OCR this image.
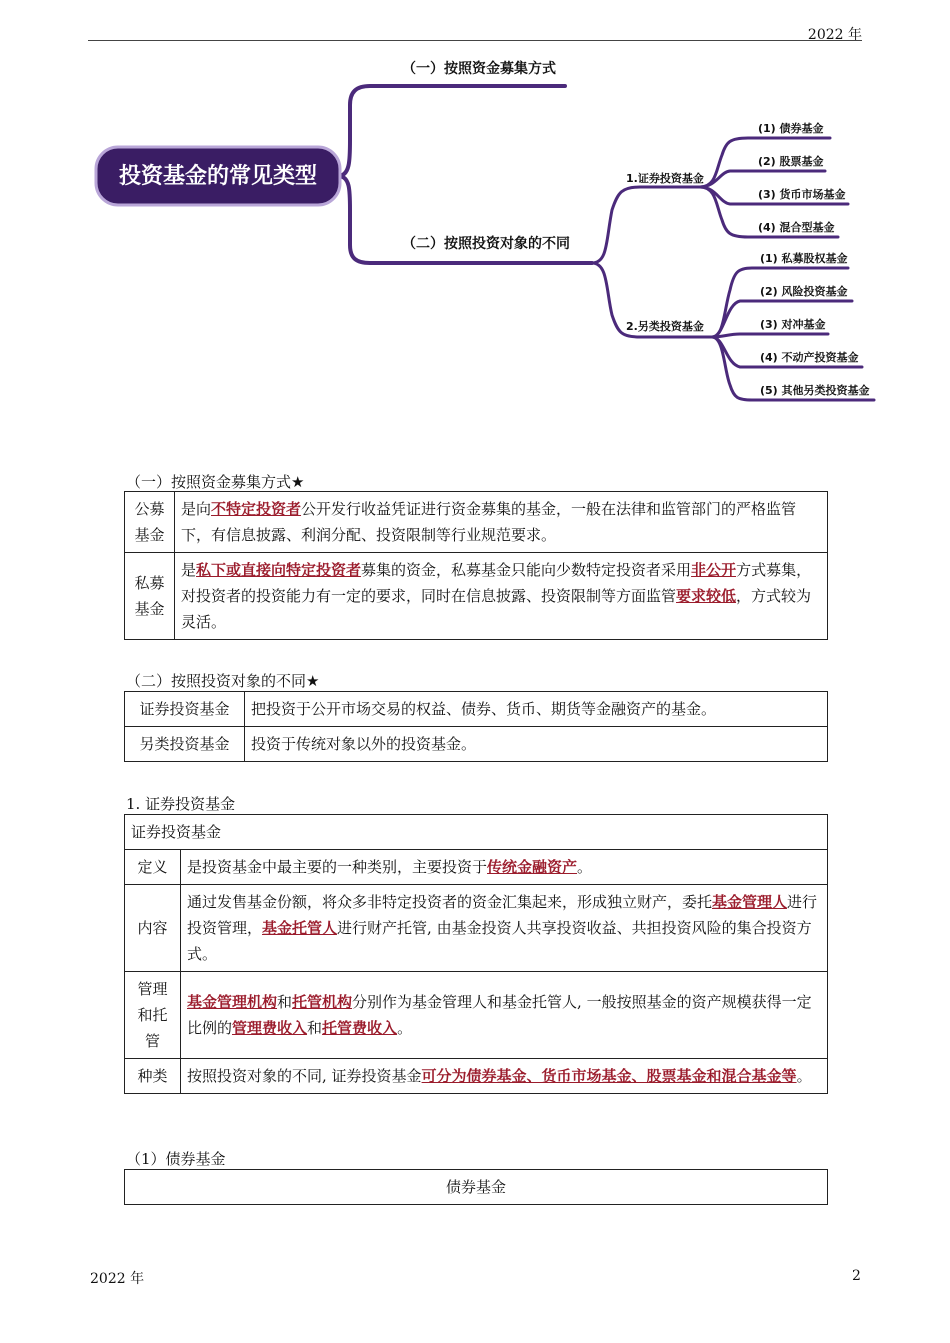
2022 年
投资基金的常见类型
（一）按照资金募集方式
（二）按照投资对象的不同
1.证券投资基金
2.另类投资基金
(1) 债券基金
(2) 股票基金
(3) 货币市场基金
(4) 混合型基金
(1) 私募股权基金
(2) 风险投资基金
(3) 对冲基金
(4) 不动产投资基金
(5) 其他另类投资基金
（一）按照资金募集方式★
公募基金	是向不特定投资者公开发行收益凭证进行资金募集的基金，一般在法律和监管部门的严格监管下，有信息披露、利润分配、投资限制等行业规范要求。
私募基金	是私下或直接向特定投资者募集的资金，私募基金只能向少数特定投资者采用非公开方式募集，对投资者的投资能力有一定的要求，同时在信息披露、投资限制等方面监管要求较低，方式较为灵活。
（二）按照投资对象的不同★
证券投资基金	把投资于公开市场交易的权益、债券、货币、期货等金融资产的基金。
另类投资基金	投资于传统对象以外的投资基金。
1. 证券投资基金
证券投资基金	
定义	是投资基金中最主要的一种类别，主要投资于传统金融资产。
内容	通过发售基金份额，将众多非特定投资者的资金汇集起来，形成独立财产，委托基金管理人进行投资管理，基金托管人进行财产托管, 由基金投资人共享投资收益、共担投资风险的集合投资方式。
管理和托管	基金管理机构和托管机构分别作为基金管理人和基金托管人, 一般按照基金的资产规模获得一定比例的管理费收入和托管费收入。
种类	按照投资对象的不同, 证券投资基金可分为债券基金、货币市场基金、股票基金和混合基金等。
（1）债券基金
债券基金
2022 年	2
